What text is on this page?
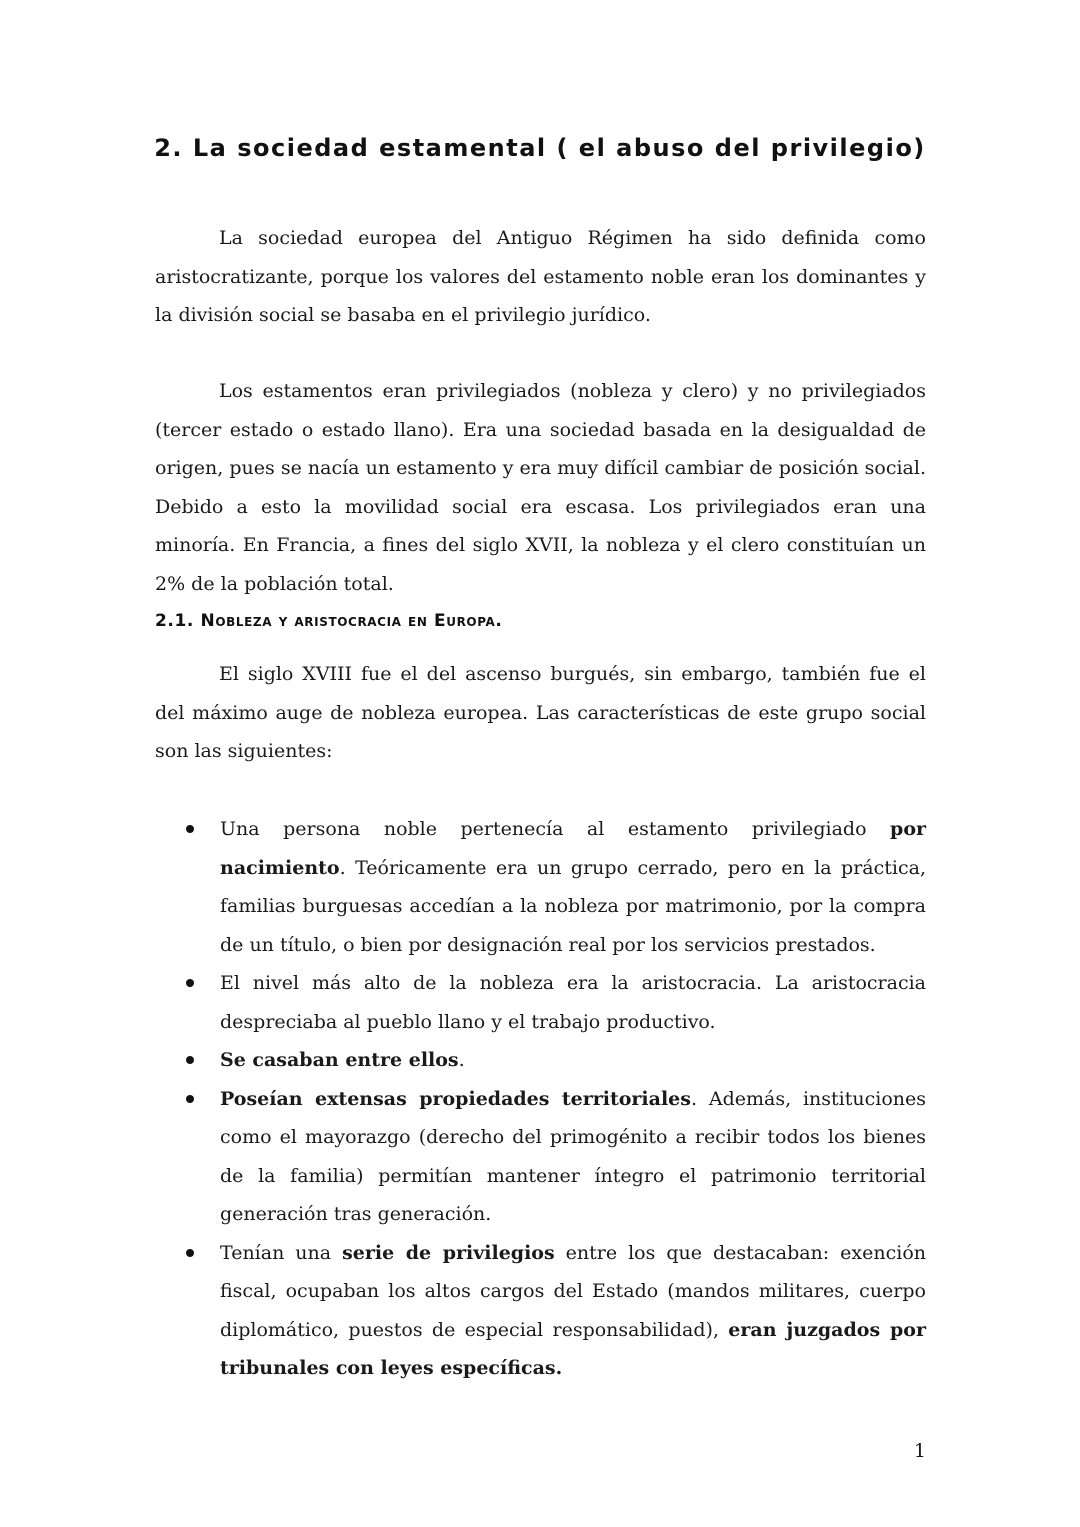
2. La sociedad estamental ( el abuso del privilegio)

La sociedad europea del Antiguo Régimen ha sido definida como aristocratizante, porque los valores del estamento noble eran los dominantes y la división social se basaba en el privilegio jurídico.

Los estamentos eran privilegiados (nobleza y clero) y no privilegiados (tercer estado o estado llano). Era una sociedad basada en la desigualdad de origen, pues se nacía un estamento y era muy difícil cambiar de posición social. Debido a esto la movilidad social era escasa. Los privilegiados eran una minoría. En Francia, a fines del siglo XVII, la nobleza y el clero constituían un 2% de la población total.

2.1. Nobleza y aristocracia en Europa.

El siglo XVIII fue el del ascenso burgués, sin embargo, también fue el del máximo auge de nobleza europea. Las características de este grupo social son las siguientes:

Una persona noble pertenecía al estamento privilegiado por nacimiento. Teóricamente era un grupo cerrado, pero en la práctica, familias burguesas accedían a la nobleza por matrimonio, por la compra de un título, o bien por designación real por los servicios prestados.
El nivel más alto de la nobleza era la aristocracia. La aristocracia despreciaba al pueblo llano y el trabajo productivo.
Se casaban entre ellos.
Poseían extensas propiedades territoriales. Además, instituciones como el mayorazgo (derecho del primogénito a recibir todos los bienes de la familia) permitían mantener íntegro el patrimonio territorial generación tras generación.
Tenían una serie de privilegios entre los que destacaban: exención fiscal, ocupaban los altos cargos del Estado (mandos militares, cuerpo diplomático, puestos de especial responsabilidad), eran juzgados por tribunales con leyes específicas.
1
